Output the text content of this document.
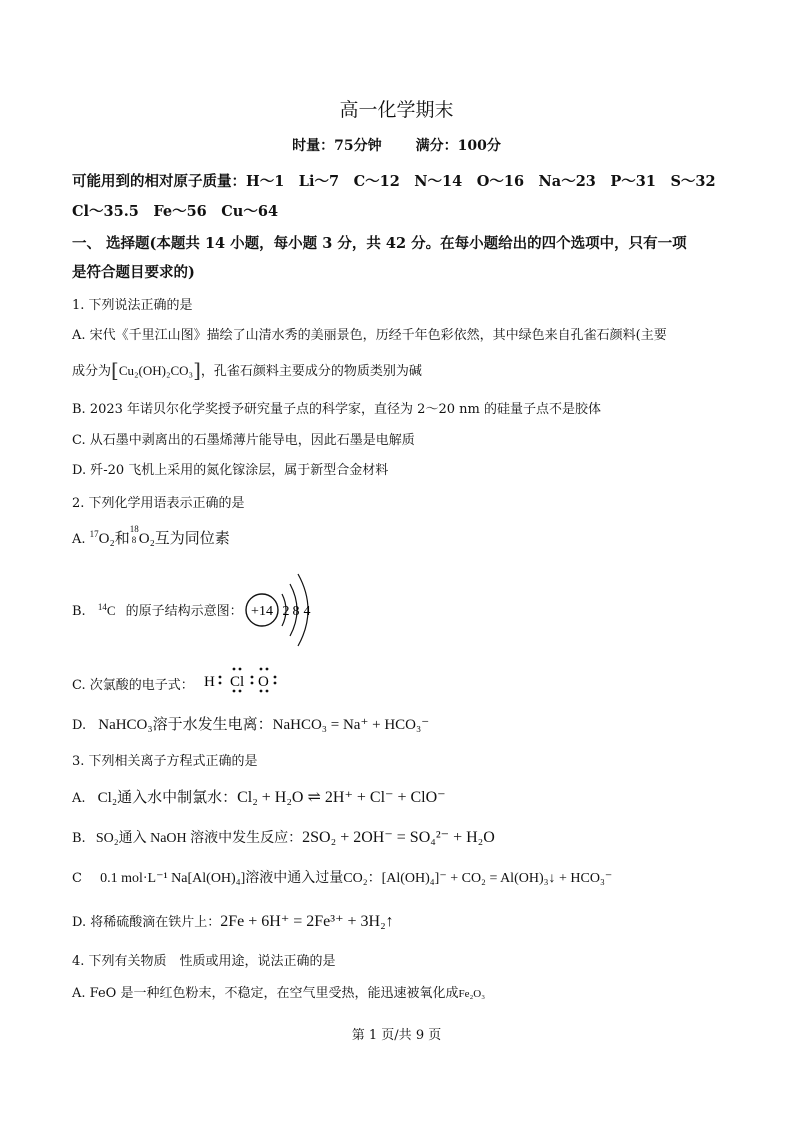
高一化学期末
时量：75分钟 满分：100分
可能用到的相对原子质量：H～1　Li～7　C～12　N～14　O～16　Na～23　P～31　S～32
Cl～35.5　Fe～56　Cu～64
一、 选择题(本题共 14 小题，每小题 3 分，共 42 分。在每小题给出的四个选项中，只有一项
是符合题目要求的)
1. 下列说法正确的是
A. 宋代《千里江山图》描绘了山清水秀的美丽景色，历经千年色彩依然，其中绿色来自孔雀石颜料(主要
成分为[Cu₂(OH)₂CO₃]，孔雀石颜料主要成分的物质类别为碱
B. 2023 年诺贝尔化学奖授予研究量子点的科学家，直径为 2～20 nm 的硅量子点不是胶体
C. 从石墨中剥离出的石墨烯薄片能导电，因此石墨是电解质
D. 歼-20 飞机上采用的氮化镓涂层，属于新型合金材料
2. 下列化学用语表示正确的是
A. $^{17}$O₂和
18
8 O₂互为同位素
B. $^{14}$C 的原子结构示意图： +14 2 8 4
C. 次氯酸的电子式： H Cl O
D. NaHCO₃溶于水发生电离：NaHCO₃ = Na⁺ + HCO₃⁻
3. 下列相关离子方程式正确的是
A. Cl₂通入水中制氯水：Cl₂ + H₂O ⇌ 2H⁺ + Cl⁻ + ClO⁻
B. SO₂通入 NaOH 溶液中发生反应：2SO₂ + 2OH⁻ = SO₄²⁻ + H₂O
C 0.1 mol·L⁻¹ Na[Al(OH)₄]溶液中通入过量CO₂：[Al(OH)₄]⁻ + CO₂ = Al(OH)₃↓ + HCO₃⁻
D. 将稀硫酸滴在铁片上：2Fe + 6H⁺ = 2Fe³⁺ + 3H₂↑
4. 下列有关物质　性质或用途，说法正确的是
A. FeO 是一种红色粉末，不稳定，在空气里受热，能迅速被氧化成Fe₂O₃
第 1 页/共 9 页
